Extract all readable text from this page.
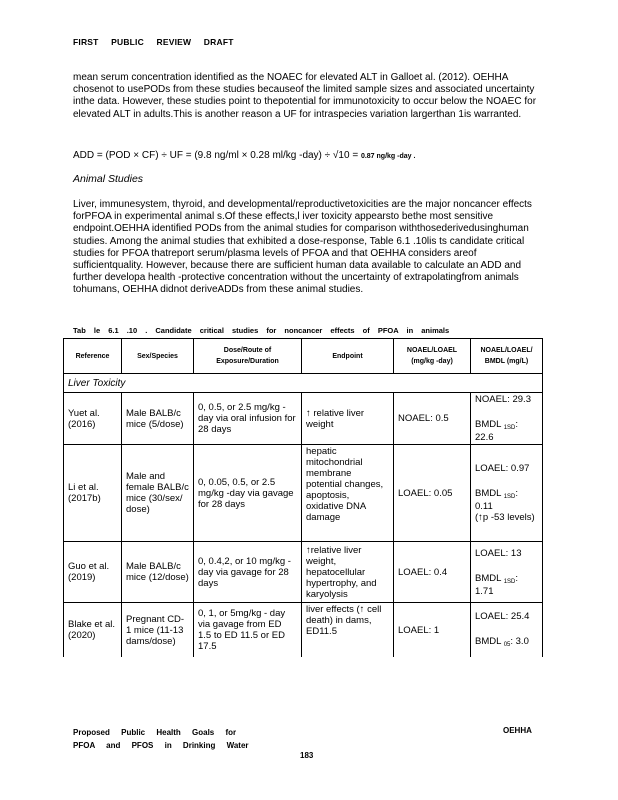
FIRST PUBLIC REVIEW DRAFT
mean serum concentration identified as the NOAEC for elevated ALT in Galloet al. (2012). OEHHA chosenot to usePODs from these studies becauseof the limited sample sizes and associated uncertainty inthe data. However, these studies point to thepotential for immunotoxicity to occur below the NOAEC for elevated ALT in adults.This is another reason a UF for intraspecies variation largerthan 1is warranted.
ADD = (POD × CF) ÷ UF = (9.8 ng/ml × 0.28 ml/kg -day) ÷ √10 = 0.87 ng/kg -day .
Animal Studies
Liver, immunesystem, thyroid, and developmental/reproductivetoxicities are the major noncancer effects forPFOA in experimental animal s.Of these effects,l iver toxicity appearsto bethe most sensitive endpoint.OEHHA identified PODs from the animal studies for comparison withthosederivedusinghuman studies. Among the animal studies that exhibited a dose-response, Table 6.1 .10lis ts candidate critical studies for PFOA thatreport serum/plasma levels of PFOA and that OEHHA considers areof sufficientquality. However, because there are sufficient human data available to calculate an ADD and further developa health -protective concentration without the uncertainty of extrapolatingfrom animals tohumans, OEHHA didnot deriveADDs from these animal studies.
Tab le 6.1 .10 . Candidate critical studies for noncancer effects of PFOA in animals
Reference	Sex/Species	Dose/Route of Exposure/Duration	Endpoint	NOAEL/LOAEL (mg/kg -day)	NOAEL/LOAEL/ BMDL (mg/L)
Liver Toxicity					
Yuet al. (2016)	Male BALB/c mice (5/dose)	0, 0.5, or 2.5 mg/kg -day via oral infusion for 28 days	↑ relative liver weight	NOAEL: 0.5	NOAEL: 29.3
BMDL $_{1SD}$: 22.6

Li et al. (2017b)	Male and female BALB/c mice (30/sex/ dose)	0, 0.05, 0.5, or 2.5 mg/kg -day via gavage for 28 days	hepatic mitochondrial membrane potential changes, apoptosis, oxidative DNA damage	LOAEL: 0.05	LOAEL: 0.97
BMDL $_{1SD}$: 0.11
(↑p -53 levels)

Guo et al. (2019)	Male BALB/c mice (12/dose)	0, 0.4,2, or 10 mg/kg -day via gavage for 28 days	↑relative liver weight, hepatocellular hypertrophy, and karyolysis	LOAEL: 0.4	LOAEL: 13
BMDL $_{1SD}$: 1.71

Blake et al. (2020)	Pregnant CD-1 mice (11-13 dams/dose)	0, 1, or 5mg/kg - day via gavage from ED 1.5 to ED 11.5 or ED 17.5	liver effects (↑ cell death) in dams, ED11.5	LOAEL: 1	LOAEL: 25.4
BMDL $_{05}$: 3.0
Proposed Public Health Goals for
PFOA and PFOS in Drinking Water
OEHHA
183
